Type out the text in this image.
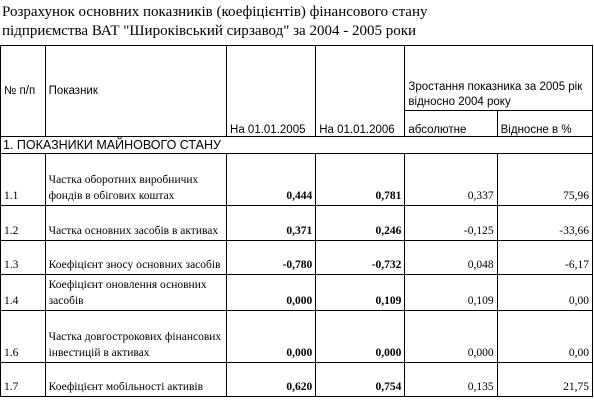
Розрахунок основних показників (коефіцієнтів) фінансового стану
підприємства ВАТ "Широківський сирзавод" за 2004 - 2005 роки
№ п/п	Показник	На 01.01.2005	На 01.01.2006	Зростання показника за 2005 рік відносно 2004 року	
				абсолютне	Відносне в %
1. ПОКАЗНИКИ МАЙНОВОГО СТАНУ					
1.1	Частка оборотних виробничих фондів в обігових коштах	0,444	0,781	0,337	75,96
1.2	Частка основних засобів в активах	0,371	0,246	-0,125	-33,66
1.3	Коефіцієнт зносу основних засобів	-0,780	-0,732	0,048	-6,17
1.4	Коефіцієнт оновлення основних засобів	0,000	0,109	0,109	0,00
1.6	Частка довгострокових фінансових інвестицій в активах	0,000	0,000	0,000	0,00
1.7	Коефіцієнт мобільності активів	0,620	0,754	0,135	21,75
